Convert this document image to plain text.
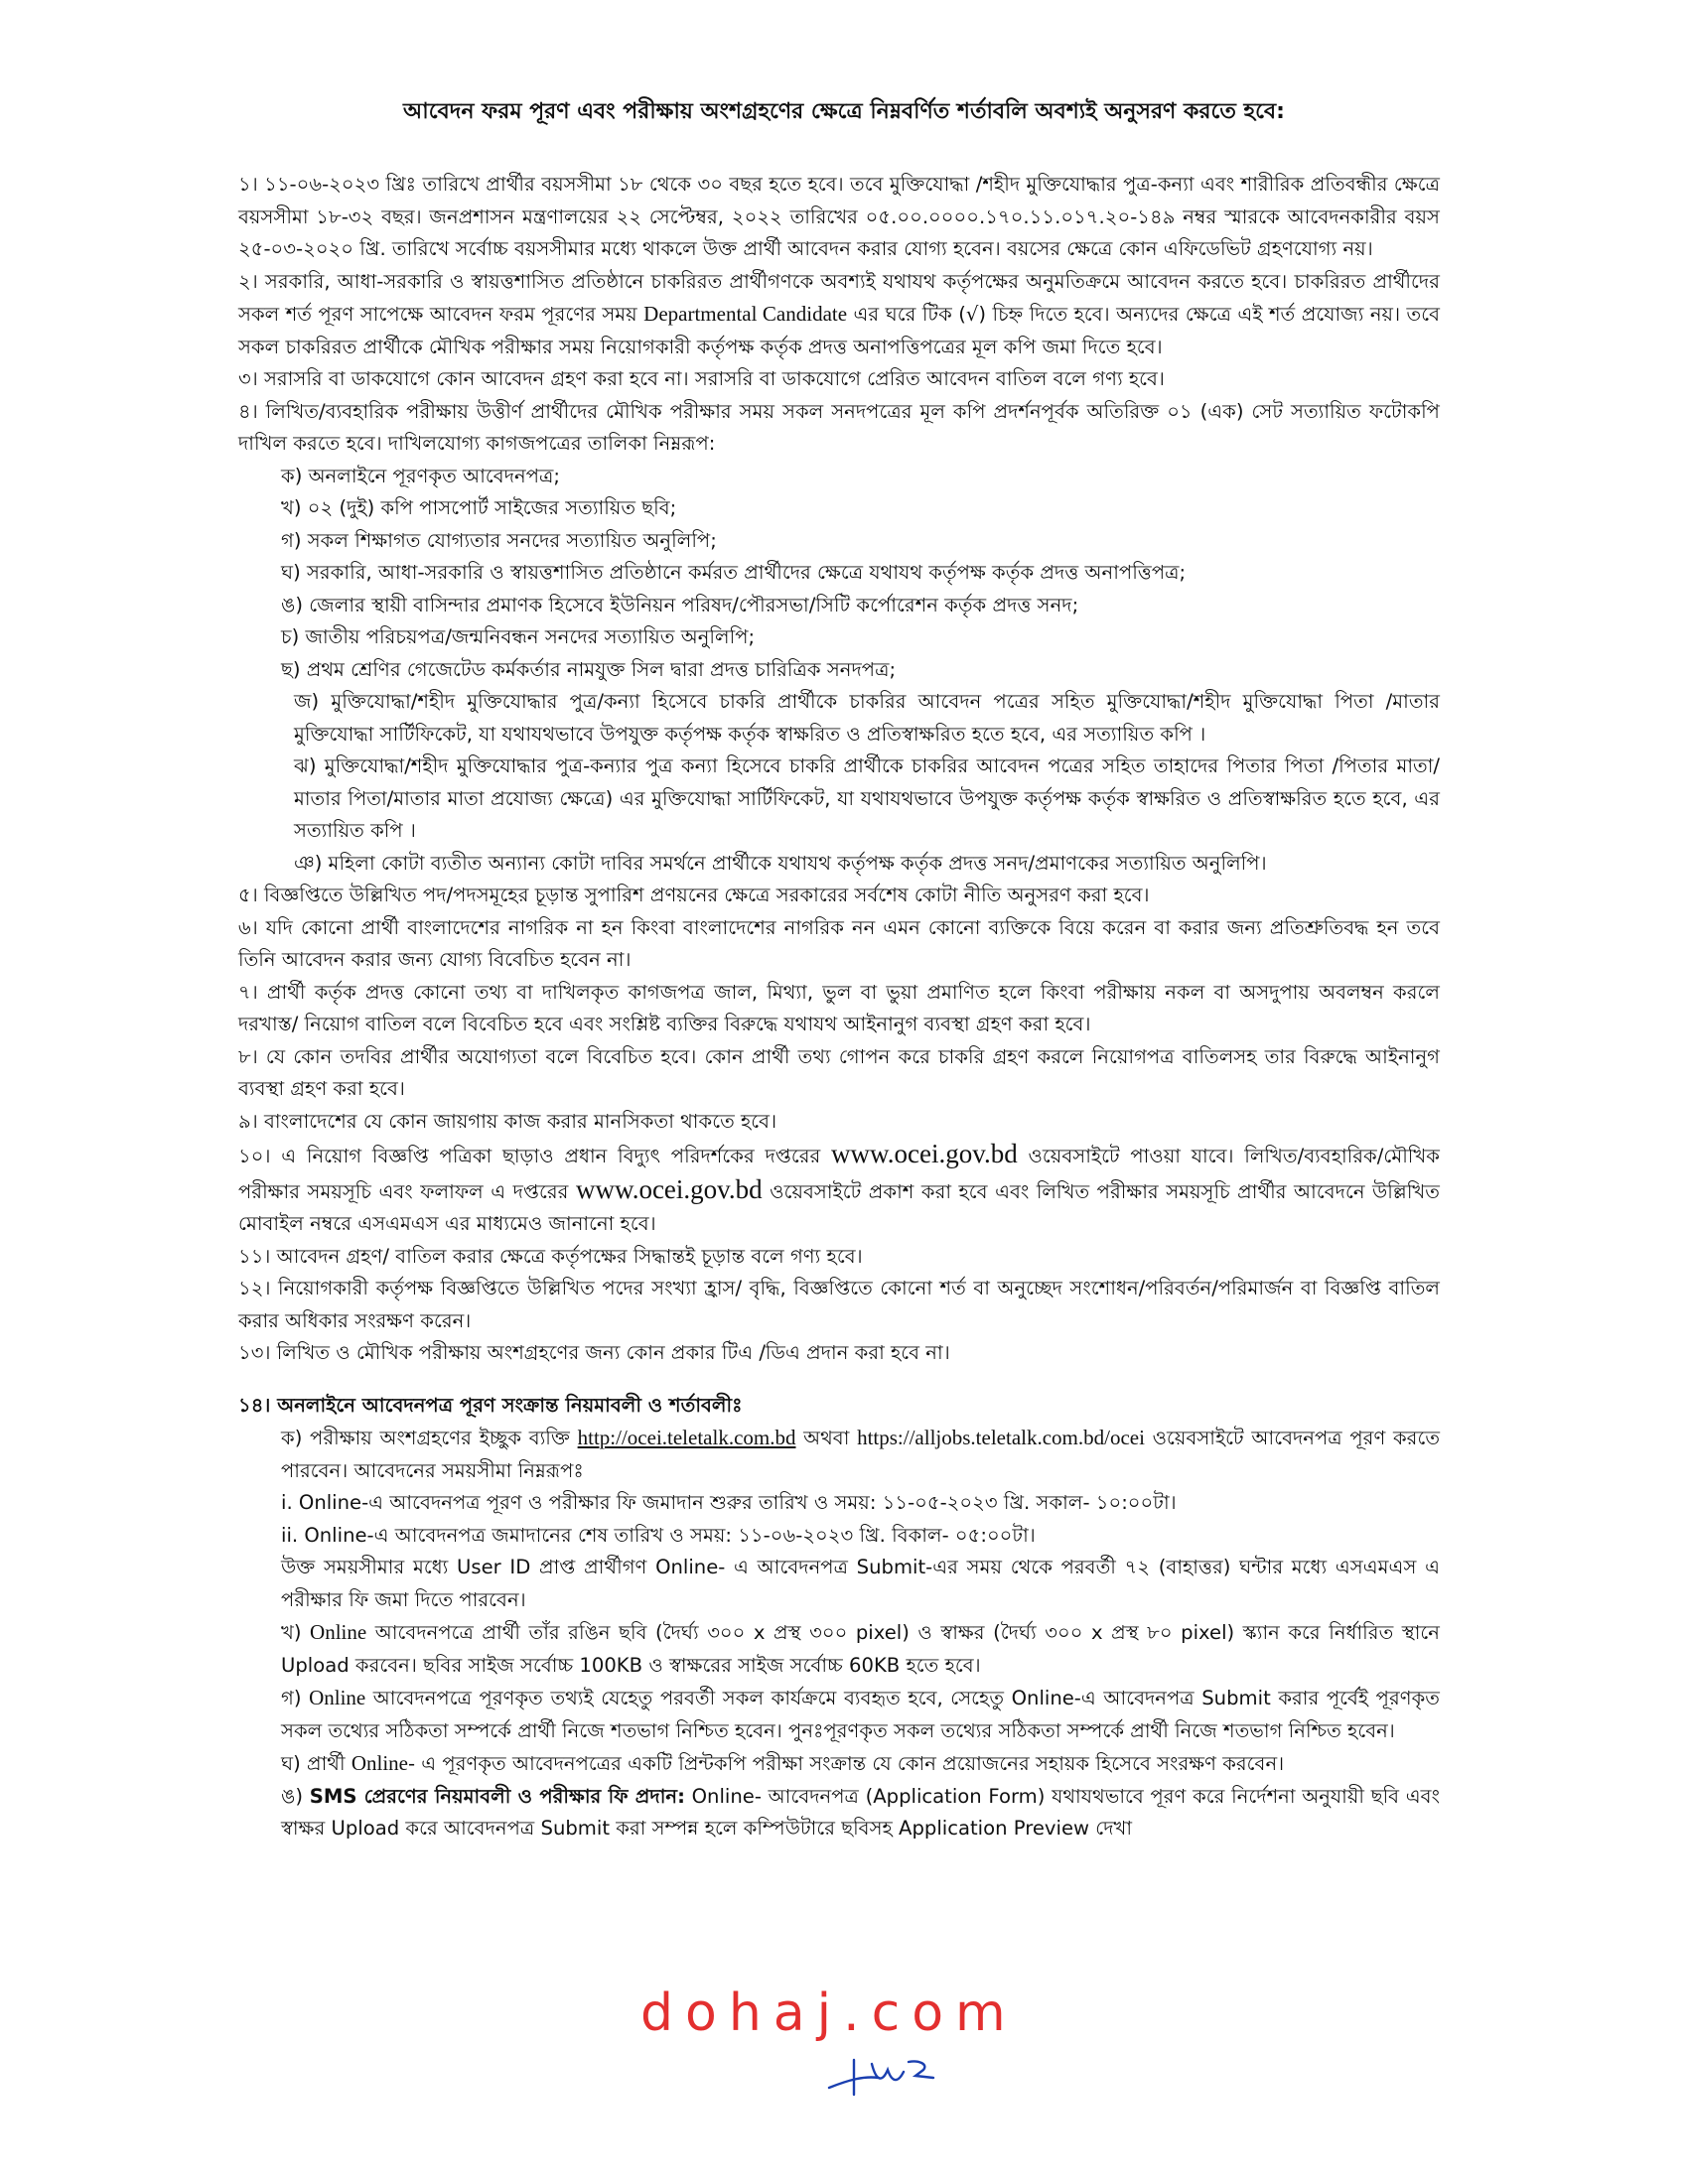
আবেদন ফরম পূরণ এবং পরীক্ষায় অংশগ্রহণের ক্ষেত্রে নিম্নবর্ণিত শর্তাবলি অবশ্যই অনুসরণ করতে হবে:

১। ১১-০৬-২০২৩ খ্রিঃ তারিখে প্রার্থীর বয়সসীমা ১৮ থেকে ৩০ বছর হতে হবে। তবে মুক্তিযোদ্ধা /শহীদ মুক্তিযোদ্ধার পুত্র-কন্যা এবং শারীরিক প্রতিবন্ধীর ক্ষেত্রে বয়সসীমা ১৮-৩২ বছর। জনপ্রশাসন মন্ত্রণালয়ের ২২ সেপ্টেম্বর, ২০২২ তারিখের ০৫.০০.০০০০.১৭০.১১.০১৭.২০-১৪৯ নম্বর স্মারকে আবেদনকারীর বয়স ২৫-০৩-২০২০ খ্রি. তারিখে সর্বোচ্চ বয়সসীমার মধ্যে থাকলে উক্ত প্রার্থী আবেদন করার যোগ্য হবেন। বয়সের ক্ষেত্রে কোন এফিডেভিট গ্রহণযোগ্য নয়।

২। সরকারি, আধা-সরকারি ও স্বায়ত্তশাসিত প্রতিষ্ঠানে চাকরিরত প্রার্থীগণকে অবশ্যই যথাযথ কর্তৃপক্ষের অনুমতিক্রমে আবেদন করতে হবে। চাকরিরত প্রার্থীদের সকল শর্ত পূরণ সাপেক্ষে আবেদন ফরম পূরণের সময় Departmental Candidate এর ঘরে টিক (√) চিহ্ন দিতে হবে। অন্যদের ক্ষেত্রে এই শর্ত প্রযোজ্য নয়। তবে সকল চাকরিরত প্রার্থীকে মৌখিক পরীক্ষার সময় নিয়োগকারী কর্তৃপক্ষ কর্তৃক প্রদত্ত অনাপত্তিপত্রের মূল কপি জমা দিতে হবে।

৩। সরাসরি বা ডাকযোগে কোন আবেদন গ্রহণ করা হবে না। সরাসরি বা ডাকযোগে প্রেরিত আবেদন বাতিল বলে গণ্য হবে।

৪। লিখিত/ব্যবহারিক পরীক্ষায় উত্তীর্ণ প্রার্থীদের মৌখিক পরীক্ষার সময় সকল সনদপত্রের মূল কপি প্রদর্শনপূর্বক অতিরিক্ত ০১ (এক) সেট সত্যায়িত ফটোকপি দাখিল করতে হবে। দাখিলযোগ্য কাগজপত্রের তালিকা নিম্নরূপ:

ক) অনলাইনে পূরণকৃত আবেদনপত্র;

খ) ০২ (দুই) কপি পাসপোর্ট সাইজের সত্যায়িত ছবি;

গ) সকল শিক্ষাগত যোগ্যতার সনদের সত্যায়িত অনুলিপি;

ঘ) সরকারি, আধা-সরকারি ও স্বায়ত্তশাসিত প্রতিষ্ঠানে কর্মরত প্রার্থীদের ক্ষেত্রে যথাযথ কর্তৃপক্ষ কর্তৃক প্রদত্ত অনাপত্তিপত্র;

ঙ) জেলার স্থায়ী বাসিন্দার প্রমাণক হিসেবে ইউনিয়ন পরিষদ/পৌরসভা/সিটি কর্পোরেশন কর্তৃক প্রদত্ত সনদ;

চ) জাতীয় পরিচয়পত্র/জন্মনিবন্ধন সনদের সত্যায়িত অনুলিপি;

ছ) প্রথম শ্রেণির গেজেটেড কর্মকর্তার নামযুক্ত সিল দ্বারা প্রদত্ত চারিত্রিক সনদপত্র;

জ) মুক্তিযোদ্ধা/শহীদ মুক্তিযোদ্ধার পুত্র/কন্যা হিসেবে চাকরি প্রার্থীকে চাকরির আবেদন পত্রের সহিত মুক্তিযোদ্ধা/শহীদ মুক্তিযোদ্ধা পিতা /মাতার মুক্তিযোদ্ধা সার্টিফিকেট, যা যথাযথভাবে উপযুক্ত কর্তৃপক্ষ কর্তৃক স্বাক্ষরিত ও প্রতিস্বাক্ষরিত হতে হবে, এর সত্যায়িত কপি ।

ঝ) মুক্তিযোদ্ধা/শহীদ মুক্তিযোদ্ধার পুত্র-কন্যার পুত্র কন্যা হিসেবে চাকরি প্রার্থীকে চাকরির আবেদন পত্রের সহিত তাহাদের পিতার পিতা /পিতার মাতা/মাতার পিতা/মাতার মাতা প্রযোজ্য ক্ষেত্রে) এর মুক্তিযোদ্ধা সার্টিফিকেট, যা যথাযথভাবে উপযুক্ত কর্তৃপক্ষ কর্তৃক স্বাক্ষরিত ও প্রতিস্বাক্ষরিত হতে হবে, এর সত্যায়িত কপি ।

ঞ) মহিলা কোটা ব্যতীত অন্যান্য কোটা দাবির সমর্থনে প্রার্থীকে যথাযথ কর্তৃপক্ষ কর্তৃক প্রদত্ত সনদ/প্রমাণকের সত্যায়িত অনুলিপি।

৫। বিজ্ঞপ্তিতে উল্লিখিত পদ/পদসমূহের চূড়ান্ত সুপারিশ প্রণয়নের ক্ষেত্রে সরকারের সর্বশেষ কোটা নীতি অনুসরণ করা হবে।

৬। যদি কোনো প্রার্থী বাংলাদেশের নাগরিক না হন কিংবা বাংলাদেশের নাগরিক নন এমন কোনো ব্যক্তিকে বিয়ে করেন বা করার জন্য প্রতিশ্রুতিবদ্ধ হন তবে তিনি আবেদন করার জন্য যোগ্য বিবেচিত হবেন না।

৭। প্রার্থী কর্তৃক প্রদত্ত কোনো তথ্য বা দাখিলকৃত কাগজপত্র জাল, মিথ্যা, ভুল বা ভুয়া প্রমাণিত হলে কিংবা পরীক্ষায় নকল বা অসদুপায় অবলম্বন করলে দরখাস্ত/ নিয়োগ বাতিল বলে বিবেচিত হবে এবং সংশ্লিষ্ট ব্যক্তির বিরুদ্ধে যথাযথ আইনানুগ ব্যবস্থা গ্রহণ করা হবে।

৮। যে কোন তদবির প্রার্থীর অযোগ্যতা বলে বিবেচিত হবে। কোন প্রার্থী তথ্য গোপন করে চাকরি গ্রহণ করলে নিয়োগপত্র বাতিলসহ তার বিরুদ্ধে আইনানুগ ব্যবস্থা গ্রহণ করা হবে।

৯। বাংলাদেশের যে কোন জায়গায় কাজ করার মানসিকতা থাকতে হবে।

১০। এ নিয়োগ বিজ্ঞপ্তি পত্রিকা ছাড়াও প্রধান বিদ্যুৎ পরিদর্শকের দপ্তরের www.ocei.gov.bd ওয়েবসাইটে পাওয়া যাবে। লিখিত/ব্যবহারিক/মৌখিক পরীক্ষার সময়সূচি এবং ফলাফল এ দপ্তরের www.ocei.gov.bd ওয়েবসাইটে প্রকাশ করা হবে এবং লিখিত পরীক্ষার সময়সূচি প্রার্থীর আবেদনে উল্লিখিত মোবাইল নম্বরে এসএমএস এর মাধ্যমেও জানানো হবে।

১১। আবেদন গ্রহণ/ বাতিল করার ক্ষেত্রে কর্তৃপক্ষের সিদ্ধান্তই চূড়ান্ত বলে গণ্য হবে।

১২। নিয়োগকারী কর্তৃপক্ষ বিজ্ঞপ্তিতে উল্লিখিত পদের সংখ্যা হ্রাস/ বৃদ্ধি, বিজ্ঞপ্তিতে কোনো শর্ত বা অনুচ্ছেদ সংশোধন/পরিবর্তন/পরিমার্জন বা বিজ্ঞপ্তি বাতিল করার অধিকার সংরক্ষণ করেন।

১৩। লিখিত ও মৌখিক পরীক্ষায় অংশগ্রহণের জন্য কোন প্রকার টিএ /ডিএ প্রদান করা হবে না।

১৪। অনলাইনে আবেদনপত্র পূরণ সংক্রান্ত নিয়মাবলী ও শর্তাবলীঃ

ক) পরীক্ষায় অংশগ্রহণের ইচ্ছুক ব্যক্তি http://ocei.teletalk.com.bd অথবা https://alljobs.teletalk.com.bd/ocei ওয়েবসাইটে আবেদনপত্র পূরণ করতে পারবেন। আবেদনের সময়সীমা নিম্নরূপঃ

i. Online-এ আবেদনপত্র পূরণ ও পরীক্ষার ফি জমাদান শুরুর তারিখ ও সময়: ১১-০৫-২০২৩ খ্রি. সকাল- ১০:০০টা।

ii. Online-এ আবেদনপত্র জমাদানের শেষ তারিখ ও সময়: ১১-০৬-২০২৩ খ্রি. বিকাল- ০৫:০০টা।

উক্ত সময়সীমার মধ্যে User ID প্রাপ্ত প্রার্থীগণ Online- এ আবেদনপত্র Submit-এর সময় থেকে পরবর্তী ৭২ (বাহাত্তর) ঘন্টার মধ্যে এসএমএস এ পরীক্ষার ফি জমা দিতে পারবেন।

খ) Online আবেদনপত্রে প্রার্থী তাঁর রঙিন ছবি (দৈর্ঘ্য ৩০০ x প্রস্থ ৩০০ pixel) ও স্বাক্ষর (দৈর্ঘ্য ৩০০ x প্রস্থ ৮০ pixel) স্ক্যান করে নির্ধারিত স্থানে Upload করবেন। ছবির সাইজ সর্বোচ্চ 100KB ও স্বাক্ষরের সাইজ সর্বোচ্চ 60KB হতে হবে।

গ) Online আবেদনপত্রে পূরণকৃত তথ্যই যেহেতু পরবর্তী সকল কার্যক্রমে ব্যবহৃত হবে, সেহেতু Online-এ আবেদনপত্র Submit করার পূর্বেই পূরণকৃত সকল তথ্যের সঠিকতা সম্পর্কে প্রার্থী নিজে শতভাগ নিশ্চিত হবেন। পুনঃপূরণকৃত সকল তথ্যের সঠিকতা সম্পর্কে প্রার্থী নিজে শতভাগ নিশ্চিত হবেন।

ঘ) প্রার্থী Online- এ পূরণকৃত আবেদনপত্রের একটি প্রিন্টকপি পরীক্ষা সংক্রান্ত যে কোন প্রয়োজনের সহায়ক হিসেবে সংরক্ষণ করবেন।

ঙ) SMS প্রেরণের নিয়মাবলী ও পরীক্ষার ফি প্রদান: Online- আবেদনপত্র (Application Form) যথাযথভাবে পূরণ করে নির্দেশনা অনুযায়ী ছবি এবং স্বাক্ষর Upload করে আবেদনপত্র Submit করা সম্পন্ন হলে কম্পিউটারে ছবিসহ Application Preview দেখা

dohaj.com
